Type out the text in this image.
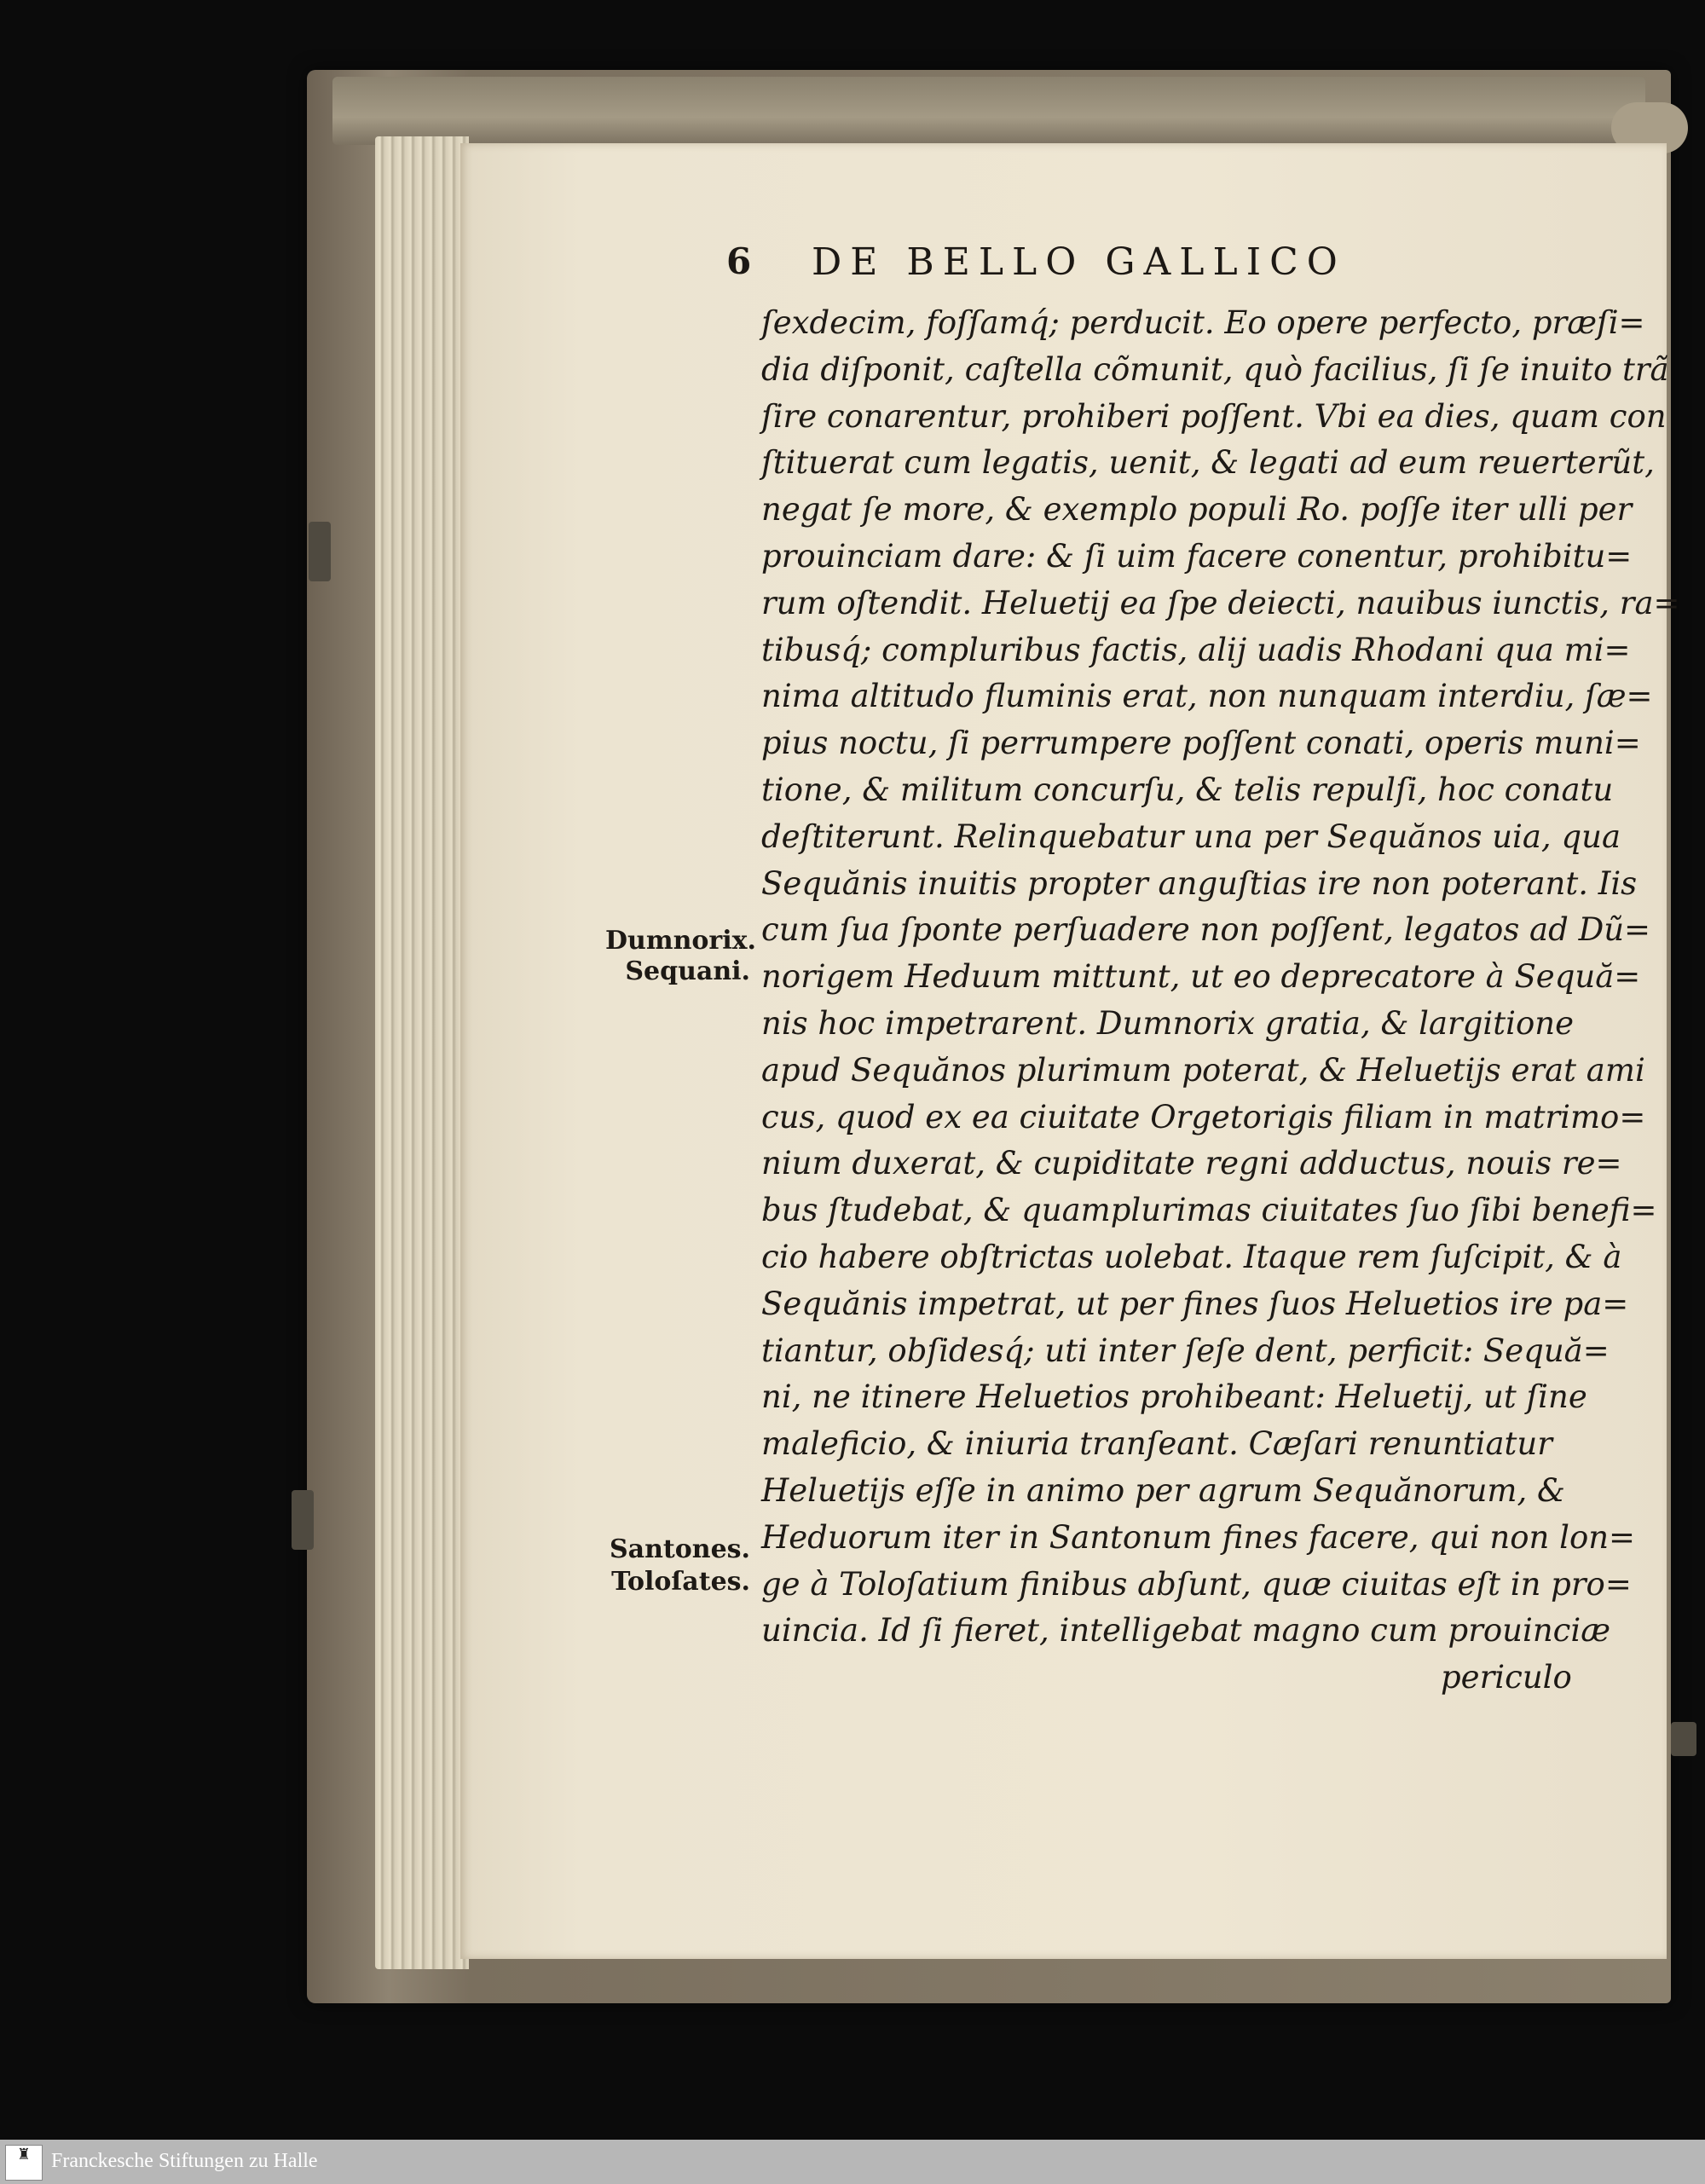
6 DE BELLO GALLICO
ſexdecim, foſſamq́; perducit. Eo opere perfecto, præſi=
dia diſponit, caſtella cõmunit, quò facilius, ſi ſe inuito trã
ſire conarentur, prohiberi poſſent. Vbi ea dies, quam con
ſtituerat cum legatis, uenit, & legati ad eum reuerterũt,
negat ſe more, & exemplo populi Ro. poſſe iter ulli per
prouinciam dare: & ſi uim facere conentur, prohibitu=
rum oſtendit. Heluetij ea ſpe deiecti, nauibus iunctis, ra=
tibusq́; compluribus factis, alij uadis Rhodani qua mi=
nima altitudo fluminis erat, non nunquam interdiu, ſæ=
pius noctu, ſi perrumpere poſſent conati, operis muni=
tione, & militum concurſu, & telis repulſi, hoc conatu
deſtiterunt. Relinquebatur una per Sequănos uia, qua
Sequănis inuitis propter anguſtias ire non poterant. Iis
cum ſua ſponte perſuadere non poſſent, legatos ad Dũ=
norigem Heduum mittunt, ut eo deprecatore à Sequă=
nis hoc impetrarent. Dumnorix gratia, & largitione
apud Sequănos plurimum poterat, & Heluetijs erat ami
cus, quod ex ea ciuitate Orgetorigis filiam in matrimo=
nium duxerat, & cupiditate regni adductus, nouis re=
bus ſtudebat, & quamplurimas ciuitates ſuo ſibi benefi=
cio habere obſtrictas uolebat. Itaque rem ſuſcipit, & à
Sequănis impetrat, ut per fines ſuos Heluetios ire pa=
tiantur, obſidesq́; uti inter ſeſe dent, perficit: Sequă=
ni, ne itinere Heluetios prohibeant: Heluetij, ut ſine
maleficio, & iniuria tranſeant. Cæſari renuntiatur
Heluetijs eſſe in animo per agrum Sequănorum, &
Heduorum iter in Santonum fines facere, qui non lon=
ge à Toloſatium finibus abſunt, quæ ciuitas eſt in pro=
uincia. Id ſi fieret, intelligebat magno cum prouinciæ
periculo
Dumnorix.
Sequani.
Santones.
Toloſates.
♜ Franckesche Stiftungen zu Halle
